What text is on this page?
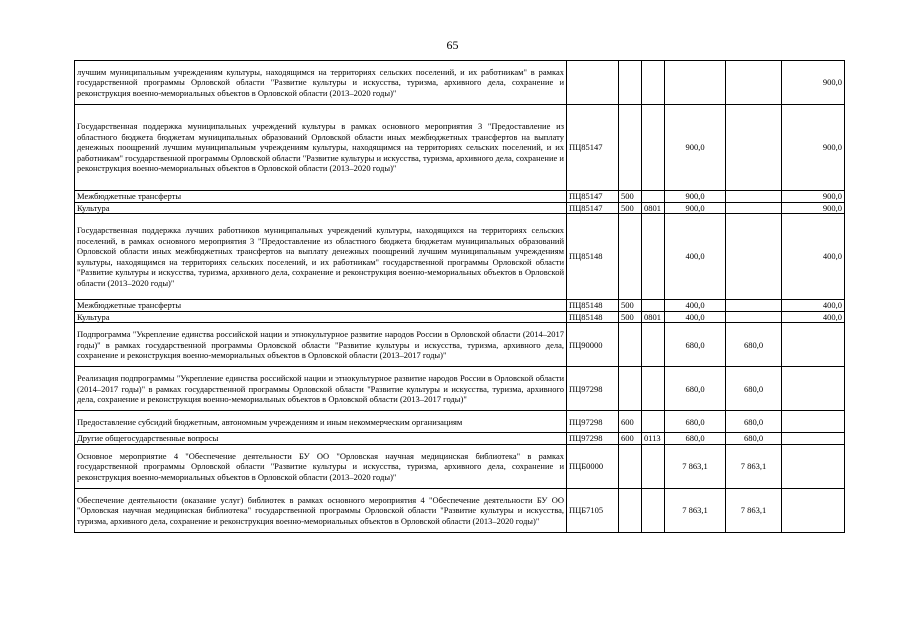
65
лучшим муниципальным учреждениям культуры, находящимся на территориях сельских поселений, и их работникам" в рамках государственной программы Орловской области "Развитие культуры и искусства, туризма, архивного дела, сохранение и реконструкция военно-мемориальных объектов в Орловской области (2013–2020 годы)"						900,0
Государственная поддержка муниципальных учреждений культуры в рамках основного мероприятия 3 "Предоставление из областного бюджета бюджетам муниципальных образований Орловской области иных межбюджетных трансфертов на выплату денежных поощрений лучшим муниципальным учреждениям культуры, находящимся на территориях сельских поселений, и их работникам" государственной программы Орловской области "Развитие культуры и искусства, туризма, архивного дела, сохранение и реконструкция военно-мемориальных объектов в Орловской области (2013–2020 годы)"	ПЦ85147			900,0		900,0
Межбюджетные трансферты	ПЦ85147	500		900,0		900,0
Культура	ПЦ85147	500	0801	900,0		900,0
Государственная поддержка лучших работников муниципальных учреждений культуры, находящихся на территориях сельских поселений, в рамках основного мероприятия 3 "Предоставление из областного бюджета бюджетам муниципальных образований Орловской области иных межбюджетных трансфертов на выплату денежных поощрений лучшим муниципальным учреждениям культуры, находящимся на территориях сельских поселений, и их работникам" государственной программы Орловской области "Развитие культуры и искусства, туризма, архивного дела, сохранение и реконструкция военно-мемориальных объектов в Орловской области (2013–2020 годы)"	ПЦ85148			400,0		400,0
Межбюджетные трансферты	ПЦ85148	500		400,0		400,0
Культура	ПЦ85148	500	0801	400,0		400,0
Подпрограмма "Укрепление единства российской нации и этнокультурное развитие народов России в Орловской области (2014–2017 годы)" в рамках государственной программы Орловской области "Развитие культуры и искусства, туризма, архивного дела, сохранение и реконструкция военно-мемориальных объектов в Орловской области (2013–2017 годы)"	ПЦ90000			680,0	680,0	
Реализация подпрограммы "Укрепление единства российской нации и этнокультурное развитие народов России в Орловской области (2014–2017 годы)" в рамках государственной программы Орловской области "Развитие культуры и искусства, туризма, архивного дела, сохранение и реконструкция военно-мемориальных объектов в Орловской области (2013–2017 годы)"	ПЦ97298			680,0	680,0	
Предоставление субсидий бюджетным, автономным учреждениям и иным некоммерческим организациям	ПЦ97298	600		680,0	680,0	
Другие общегосударственные вопросы	ПЦ97298	600	0113	680,0	680,0	
Основное мероприятие 4 "Обеспечение деятельности БУ ОО "Орловская научная медицинская библиотека" в рамках государственной программы Орловской области "Развитие культуры и искусства, туризма, архивного дела, сохранение и реконструкция военно-мемориальных объектов в Орловской области (2013–2020 годы)"	ПЦБ0000			7 863,1	7 863,1	
Обеспечение деятельности (оказание услуг) библиотек в рамках основного мероприятия 4 "Обеспечение деятельности БУ ОО "Орловская научная медицинская библиотека" государственной программы Орловской области "Развитие культуры и искусства, туризма, архивного дела, сохранение и реконструкция военно-мемориальных объектов в Орловской области (2013–2020 годы)"	ПЦБ7105			7 863,1	7 863,1	
